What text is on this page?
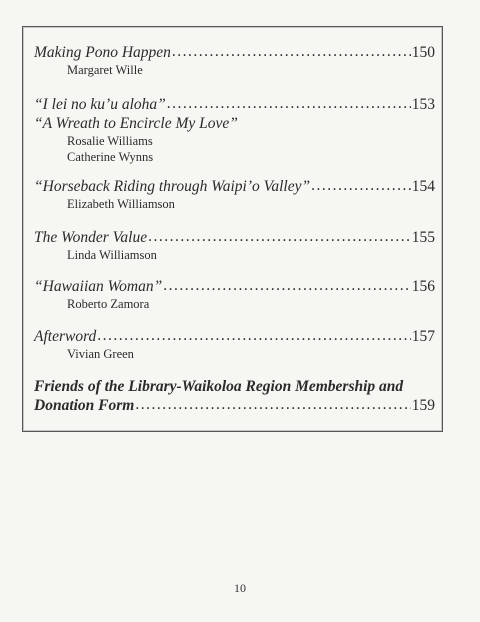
Making Pono Happen .....	150
Margaret Wille
“I lei no ku’u aloha” .....	153
“A Wreath to Encircle My Love”
Rosalie Williams
Catherine Wynns
“Horseback Riding through Waipi’o Valley” .....	154
Elizabeth Williamson
The Wonder Value .....	155
Linda Williamson
“Hawaiian Woman” .....	156
Roberto Zamora
Afterword .....	157
Vivian Green
Friends of the Library-Waikoloa Region Membership and
Donation Form .....	159
10
